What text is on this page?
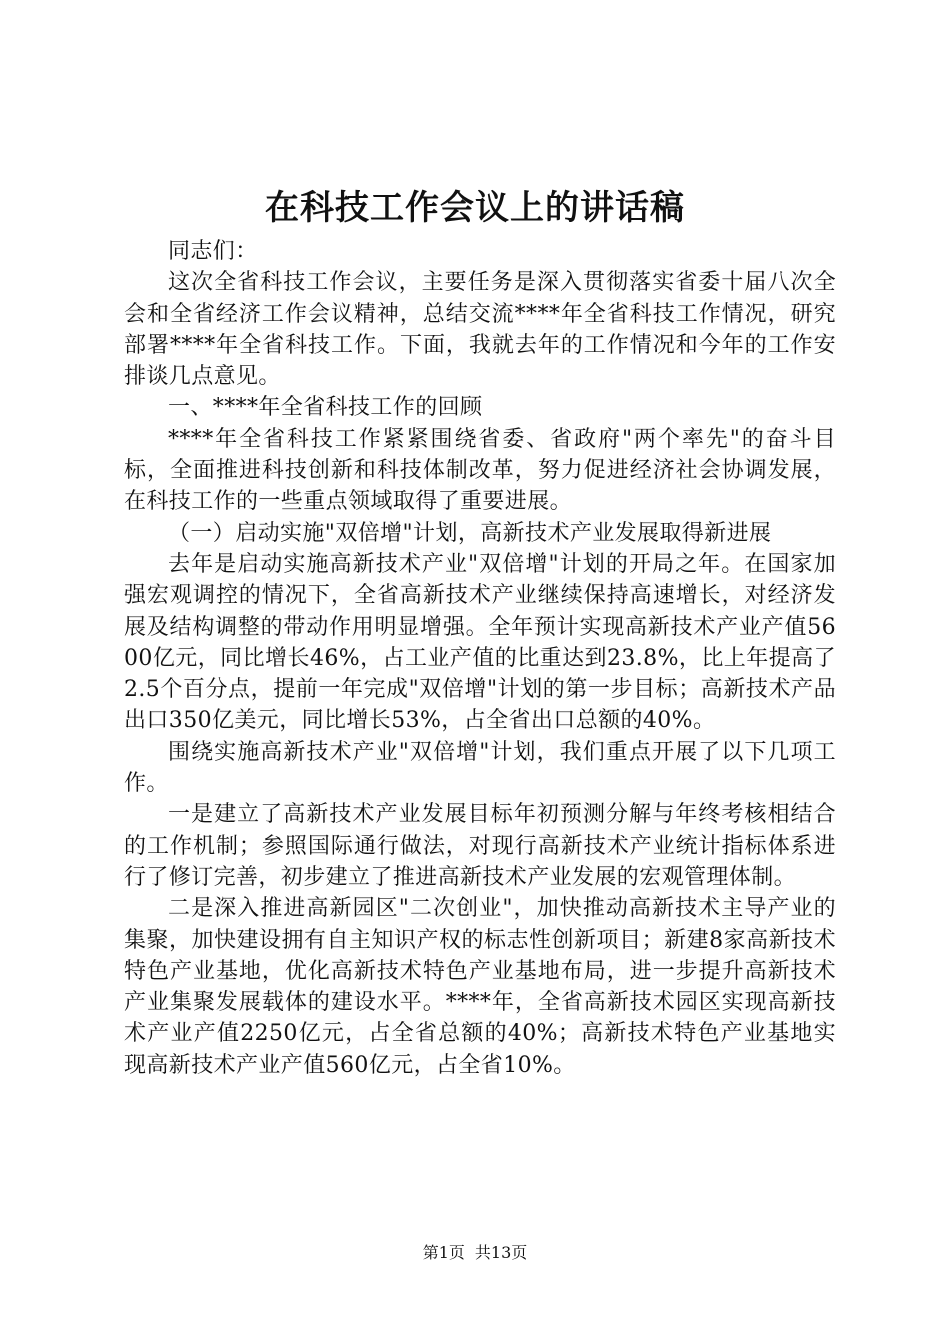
在科技工作会议上的讲话稿

同志们：

这次全省科技工作会议，主要任务是深入贯彻落实省委十届八次全会和全省经济工作会议精神，总结交流****年全省科技工作情况，研究部署****年全省科技工作。下面，我就去年的工作情况和今年的工作安排谈几点意见。

一、****年全省科技工作的回顾

****年全省科技工作紧紧围绕省委、省政府"两个率先"的奋斗目标，全面推进科技创新和科技体制改革，努力促进经济社会协调发展，在科技工作的一些重点领域取得了重要进展。

（一）启动实施"双倍增"计划，高新技术产业发展取得新进展

去年是启动实施高新技术产业"双倍增"计划的开局之年。在国家加强宏观调控的情况下，全省高新技术产业继续保持高速增长，对经济发展及结构调整的带动作用明显增强。全年预计实现高新技术产业产值5600亿元，同比增长46%，占工业产值的比重达到23.8%，比上年提高了2.5个百分点，提前一年完成"双倍增"计划的第一步目标；高新技术产品出口350亿美元，同比增长53%，占全省出口总额的40%。

围绕实施高新技术产业"双倍增"计划，我们重点开展了以下几项工作。

一是建立了高新技术产业发展目标年初预测分解与年终考核相结合的工作机制；参照国际通行做法，对现行高新技术产业统计指标体系进行了修订完善，初步建立了推进高新技术产业发展的宏观管理体制。

二是深入推进高新园区"二次创业"，加快推动高新技术主导产业的集聚，加快建设拥有自主知识产权的标志性创新项目；新建8家高新技术特色产业基地，优化高新技术特色产业基地布局，进一步提升高新技术产业集聚发展载体的建设水平。****年，全省高新技术园区实现高新技术产业产值2250亿元，占全省总额的40%；高新技术特色产业基地实现高新技术产业产值560亿元，占全省10%。

第1页 共13页
